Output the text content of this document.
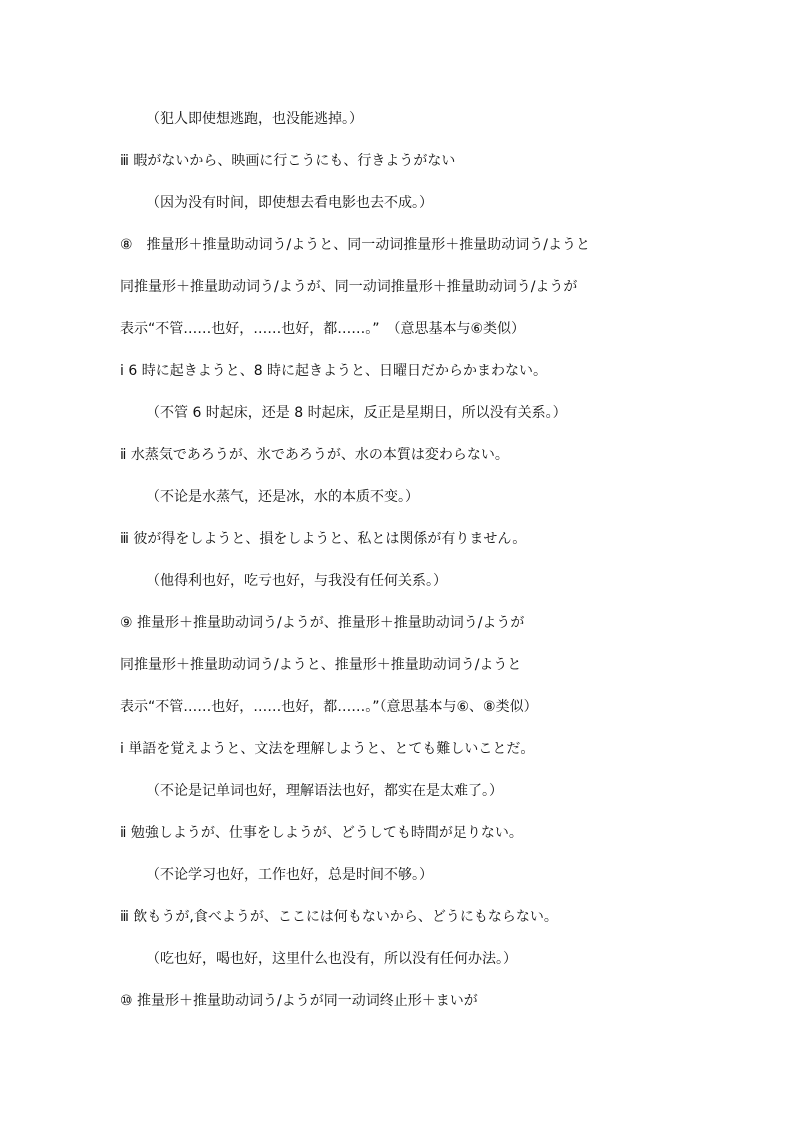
（犯人即使想逃跑，也没能逃掉。）
ⅲ 暇がないから、映画に行こうにも、行きようがない
（因为没有时间，即使想去看电影也去不成。）
⑧　推量形＋推量助动词う/ようと、同一动词推量形＋推量助动词う/ようと
同推量形＋推量助动词う/ようが、同一动词推量形＋推量助动词う/ようが
表示“不管……也好，……也好，都……。”　（意思基本与⑥类似）
ⅰ 6 時に起きようと、8 時に起きようと、日曜日だからかまわない。
（不管 6 时起床，还是 8 时起床，反正是星期日，所以没有关系。）
ⅱ 水蒸気であろうが、氷であろうが、水の本質は変わらない。
（不论是水蒸气，还是冰，水的本质不变。）
ⅲ 彼が得をしようと、損をしようと、私とは関係が有りません。
（他得利也好，吃亏也好，与我没有任何关系。）
⑨ 推量形＋推量助动词う/ようが、推量形＋推量助动词う/ようが
同推量形＋推量助动词う/ようと、推量形＋推量助动词う/ようと
表示“不管……也好，……也好，都……。”（意思基本与⑥、⑧类似）
ⅰ 単語を覚えようと、文法を理解しようと、とても難しいことだ。
（不论是记单词也好，理解语法也好，都实在是太难了。）
ⅱ 勉強しようが、仕事をしようが、どうしても時間が足りない。
（不论学习也好，工作也好，总是时间不够。）
ⅲ 飲もうが,食べようが、ここには何もないから、どうにもならない。
（吃也好，喝也好，这里什么也没有，所以没有任何办法。）
⑩ 推量形＋推量助动词う/ようが同一动词终止形＋まいが
